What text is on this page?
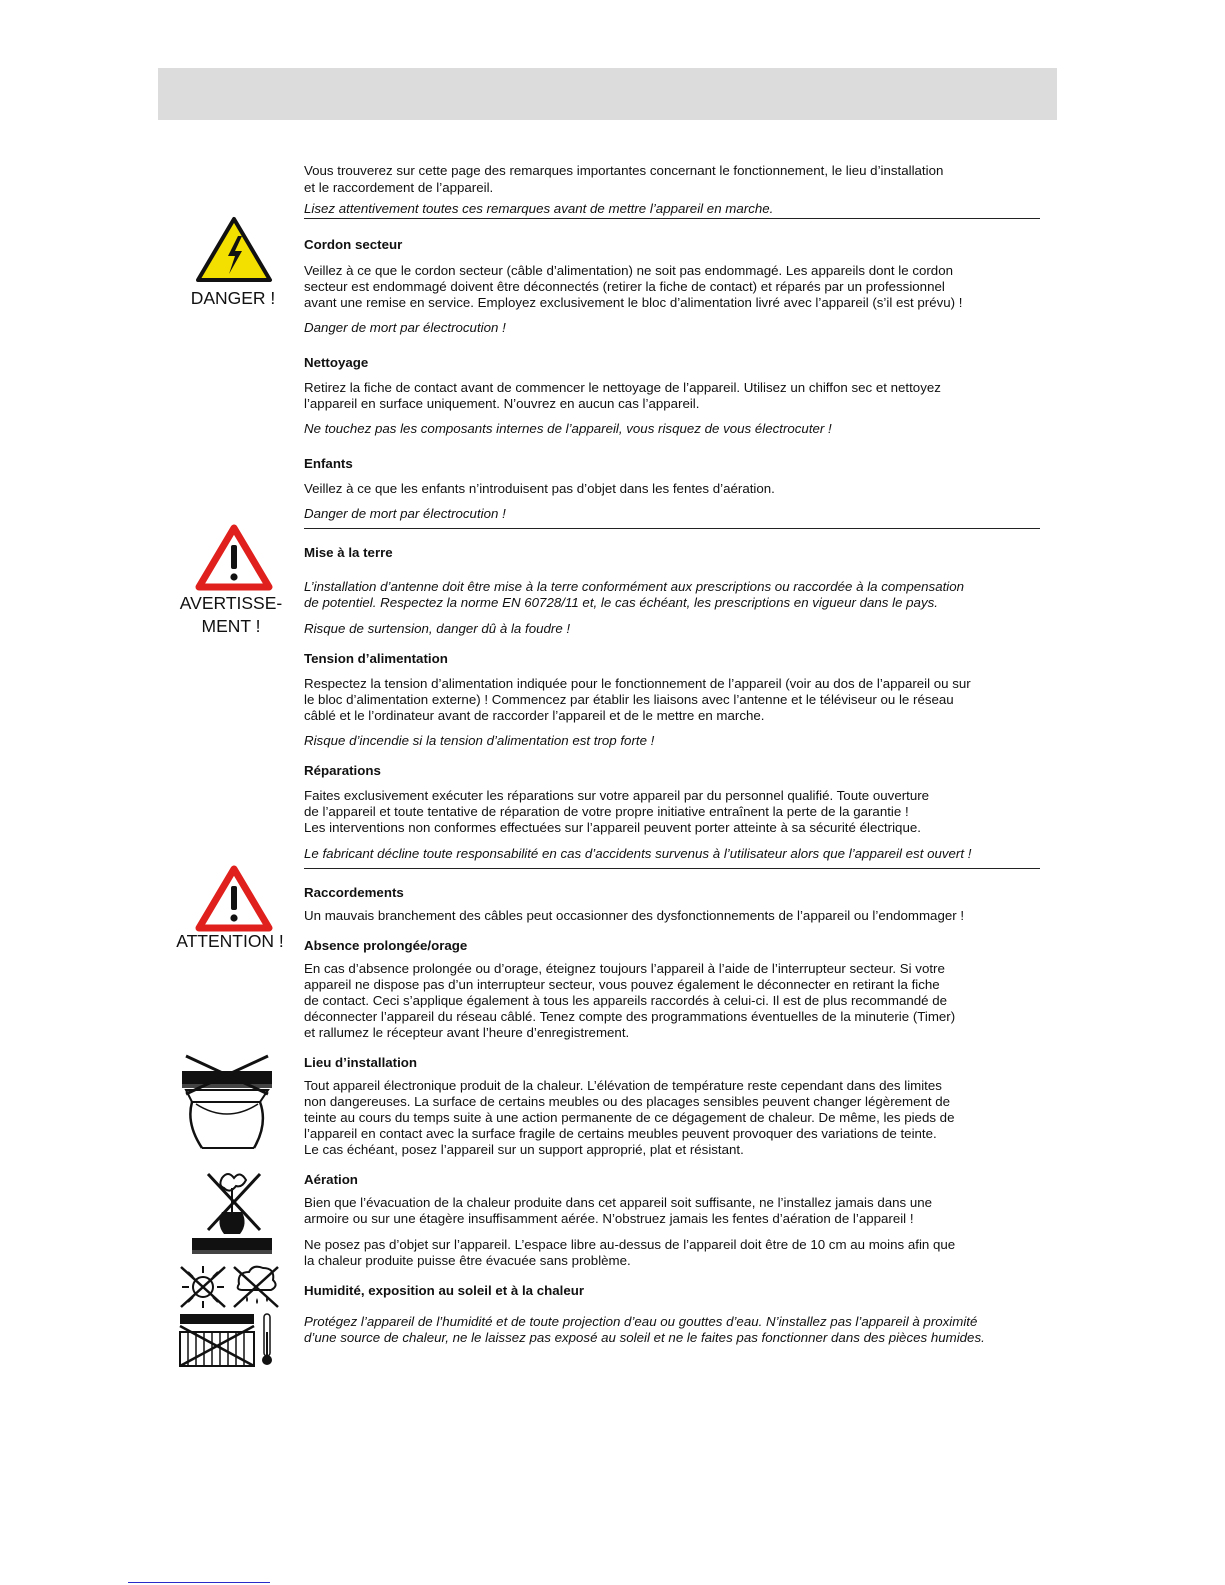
Vous trouverez sur cette page des remarques importantes concernant le fonctionnement, le lieu d’installation
et le raccordement de l’appareil.
Lisez attentivement toutes ces remarques avant de mettre l’appareil en marche.
DANGER !
Cordon secteur
Veillez à ce que le cordon secteur (câble d’alimentation) ne soit pas endommagé. Les appareils dont le cordon
secteur est endommagé doivent être déconnectés (retirer la fiche de contact) et réparés par un professionnel
avant une remise en service. Employez exclusivement le bloc d’alimentation livré avec l’appareil (s’il est prévu) !
Danger de mort par électrocution !
Nettoyage
Retirez la fiche de contact avant de commencer le nettoyage de l’appareil. Utilisez un chiffon sec et nettoyez
l’appareil en surface uniquement. N’ouvrez en aucun cas l’appareil.
Ne touchez pas les composants internes de l’appareil, vous risquez de vous électrocuter !
Enfants
Veillez à ce que les enfants n’introduisent pas d’objet dans les fentes d’aération.
Danger de mort par électrocution !
AVERTISSE-
MENT !
Mise à la terre
L’installation d’antenne doit être mise à la terre conformément aux prescriptions ou raccordée à la compensation
de potentiel. Respectez la norme EN 60728/11 et, le cas échéant, les prescriptions en vigueur dans le pays.
Risque de surtension, danger dû à la foudre !
Tension d’alimentation
Respectez la tension d’alimentation indiquée pour le fonctionnement de l’appareil (voir au dos de l’appareil ou sur
le bloc d’alimentation externe) ! Commencez par établir les liaisons avec l’antenne et le téléviseur ou le réseau
câblé et le l’ordinateur avant de raccorder l’appareil et de le mettre en marche.
Risque d’incendie si la tension d’alimentation est trop forte !
Réparations
Faites exclusivement exécuter les réparations sur votre appareil par du personnel qualifié. Toute ouverture
de l’appareil et toute tentative de réparation de votre propre initiative entraînent la perte de la garantie !
Les interventions non conformes effectuées sur l’appareil peuvent porter atteinte à sa sécurité électrique.
Le fabricant décline toute responsabilité en cas d’accidents survenus à l’utilisateur alors que l’appareil est ouvert !
ATTENTION !
Raccordements
Un mauvais branchement des câbles peut occasionner des dysfonctionnements de l’appareil ou l’endommager !
Absence prolongée/orage
En cas d’absence prolongée ou d’orage, éteignez toujours l’appareil à l’aide de l’interrupteur secteur. Si votre
appareil ne dispose pas d’un interrupteur secteur, vous pouvez également le déconnecter en retirant la fiche
de contact. Ceci s’applique également à tous les appareils raccordés à celui-ci. Il est de plus recommandé de
déconnecter l’appareil du réseau câblé. Tenez compte des programmations éventuelles de la minuterie (Timer)
et rallumez le récepteur avant l’heure d’enregistrement.
Lieu d’installation
Tout appareil électronique produit de la chaleur. L’élévation de température reste cependant dans des limites
non dangereuses. La surface de certains meubles ou des placages sensibles peuvent changer légèrement de
teinte au cours du temps suite à une action permanente de ce dégagement de chaleur. De même, les pieds de
l’appareil en contact avec la surface fragile de certains meubles peuvent provoquer des variations de teinte.
Le cas échéant, posez l’appareil sur un support approprié, plat et résistant.
Aération
Bien que l’évacuation de la chaleur produite dans cet appareil soit suffisante, ne l’installez jamais dans une
armoire ou sur une étagère insuffisamment aérée. N’obstruez jamais les fentes d’aération de l’appareil !
Ne posez pas d’objet sur l’appareil. L’espace libre au-dessus de l’appareil doit être de 10 cm au moins afin que
la chaleur produite puisse être évacuée sans problème.
Humidité, exposition au soleil et à la chaleur
Protégez l’appareil de l’humidité et de toute projection d’eau ou gouttes d’eau. N’installez pas l’appareil à proximité
d’une source de chaleur, ne le laissez pas exposé au soleil et ne le faites pas fonctionner dans des pièces humides.
